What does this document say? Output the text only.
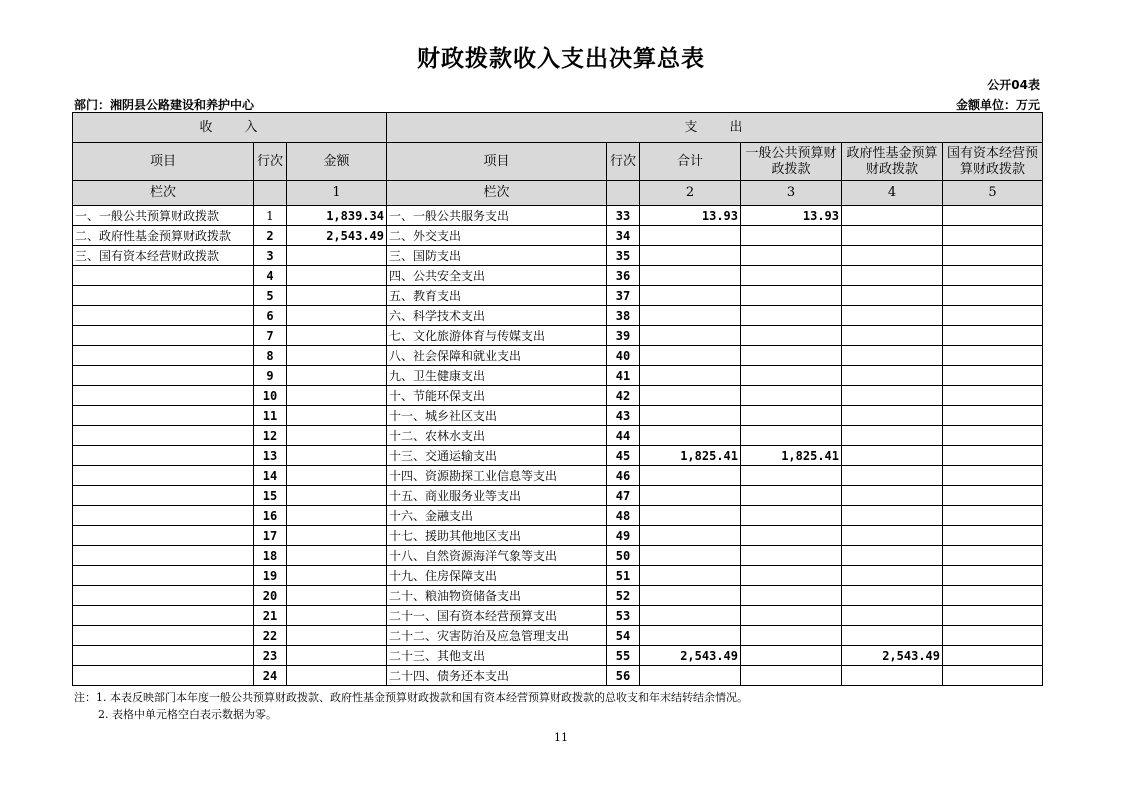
财政拨款收入支出决算总表
公开04表
部门：湘阴县公路建设和养护中心	金额单位：万元
收　　入			支　　出					
项目	行次	金额	项目	行次	合计	一般公共预算财政拨款	政府性基金预算财政拨款	国有资本经营预算财政拨款
栏次		1	栏次		2	3	4	5
一、一般公共预算财政拨款	1	1,839.34	一、一般公共服务支出	33	13.93	13.93		
二、政府性基金预算财政拨款	2	2,543.49	二、外交支出	34				
三、国有资本经营财政拨款	3		三、国防支出	35				
	4		四、公共安全支出	36				
	5		五、教育支出	37				
	6		六、科学技术支出	38				
	7		七、文化旅游体育与传媒支出	39				
	8		八、社会保障和就业支出	40				
	9		九、卫生健康支出	41				
	10		十、节能环保支出	42				
	11		十一、城乡社区支出	43				
	12		十二、农林水支出	44				
	13		十三、交通运输支出	45	1,825.41	1,825.41		
	14		十四、资源勘探工业信息等支出	46				
	15		十五、商业服务业等支出	47				
	16		十六、金融支出	48				
	17		十七、援助其他地区支出	49				
	18		十八、自然资源海洋气象等支出	50				
	19		十九、住房保障支出	51				
	20		二十、粮油物资储备支出	52				
	21		二十一、国有资本经营预算支出	53				
	22		二十二、灾害防治及应急管理支出	54				
	23		二十三、其他支出	55	2,543.49		2,543.49	
	24		二十四、债务还本支出	56				
注：1. 本表反映部门本年度一般公共预算财政拨款、政府性基金预算财政拨款和国有资本经营预算财政拨款的总收支和年末结转结余情况。
2. 表格中单元格空白表示数据为零。
11
